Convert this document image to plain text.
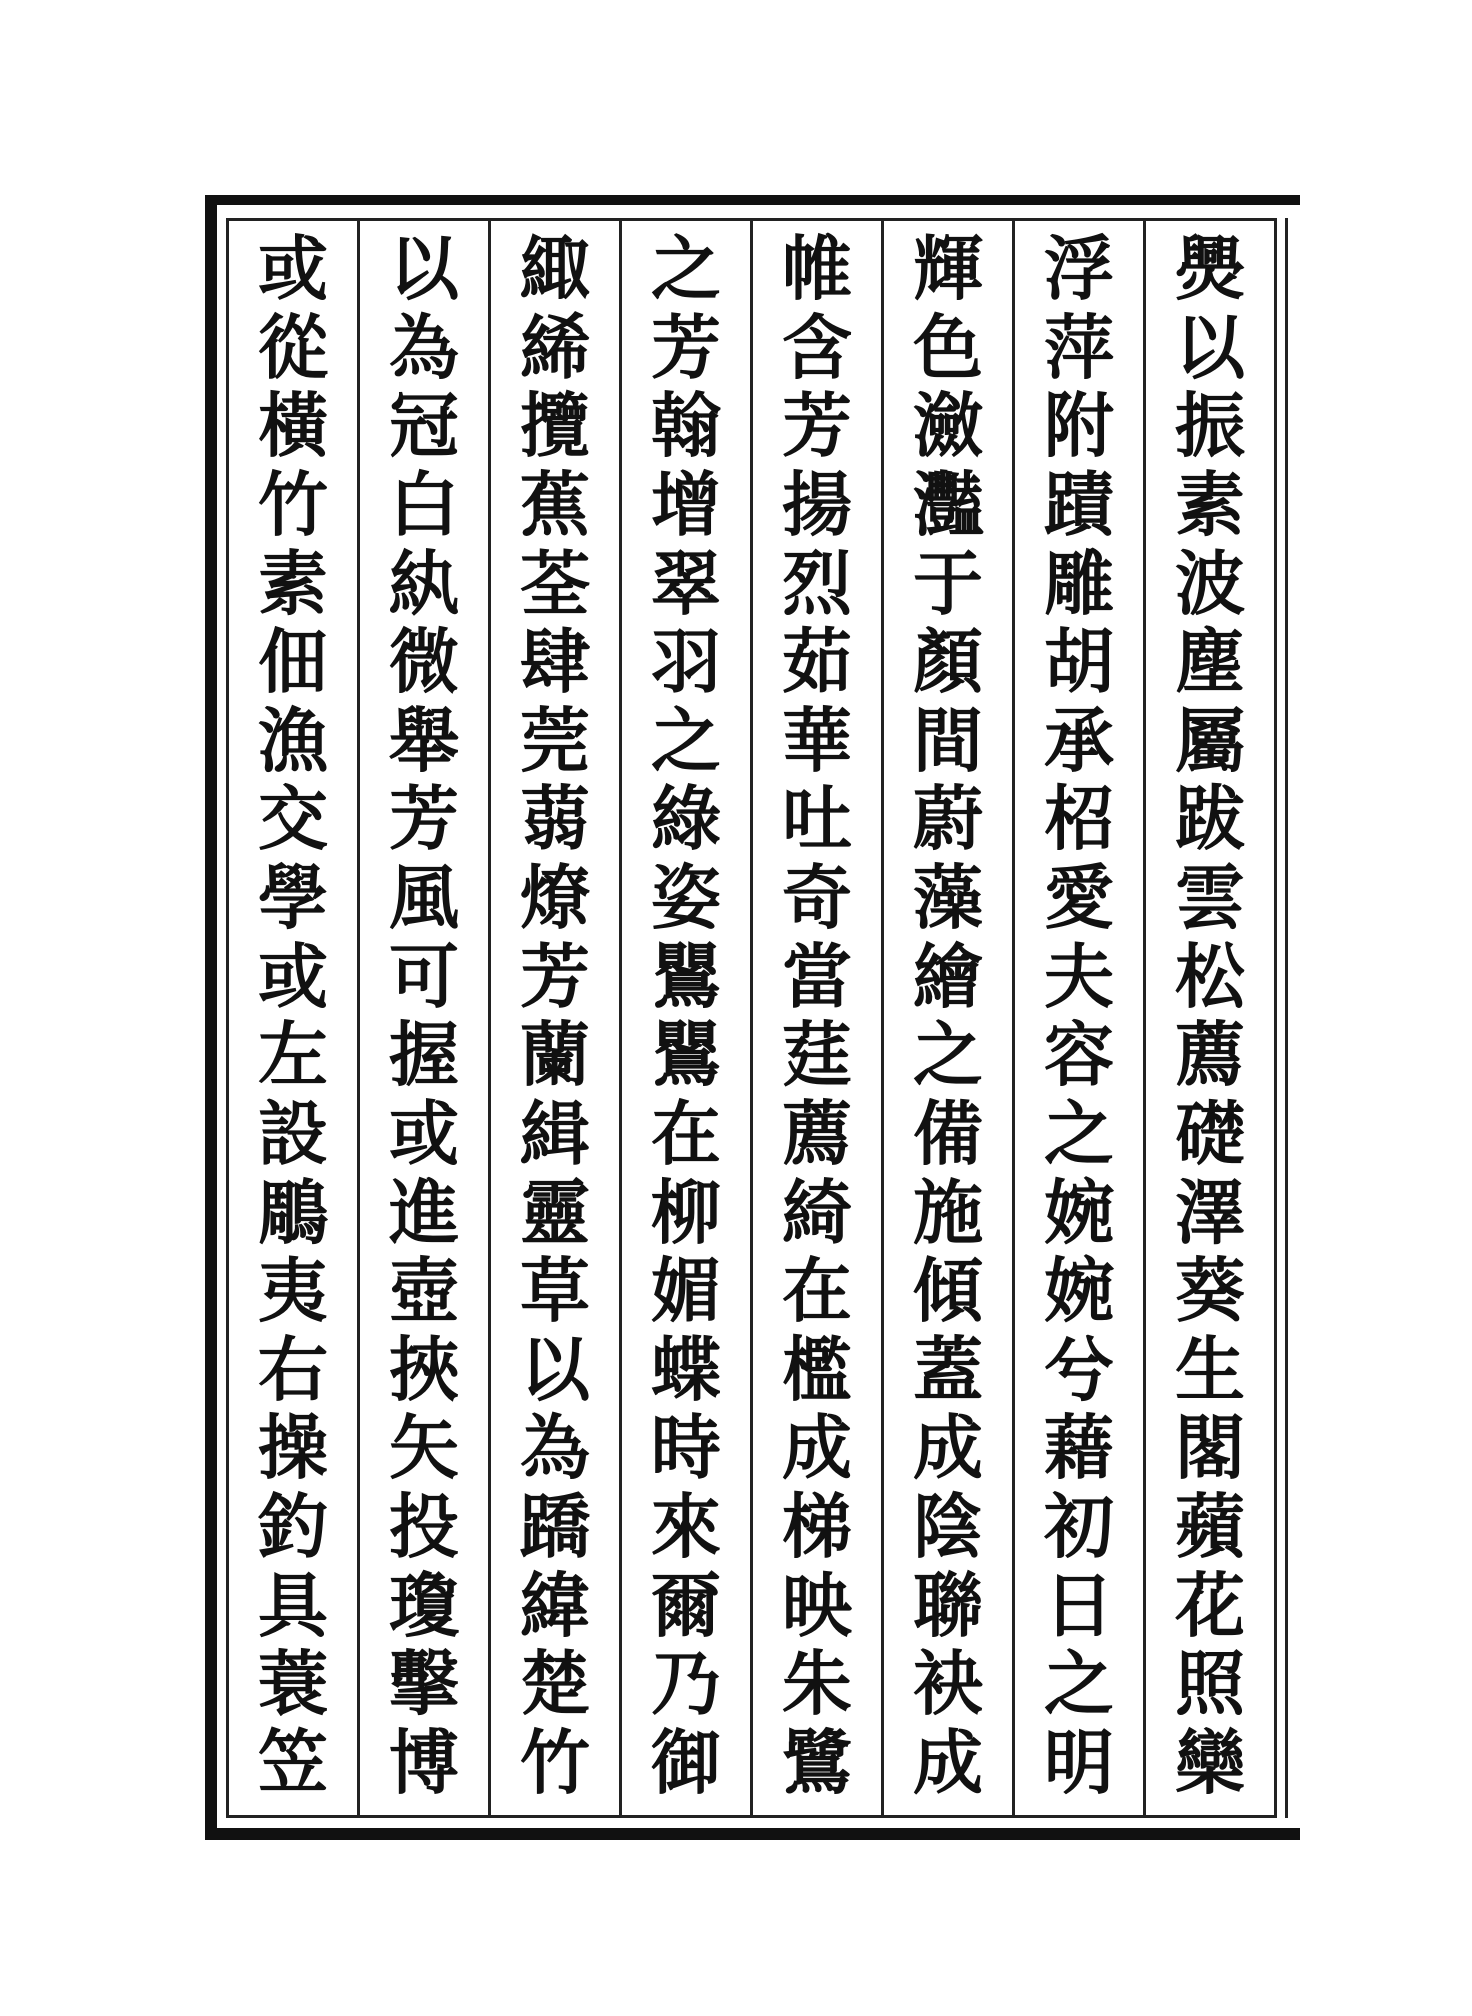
爂
以
振
素
波
塵
屬
跋
雲
松
薦
礎
澤
葵
生
閣
蘋
花
照
欒
浮
萍
附
蹟
雕
胡
承
柖
愛
夫
容
之
婉
婉
兮
藉
初
日
之
明
輝
色
瀲
灩
于
顏
間
蔚
藻
繪
之
備
施
傾
蓋
成
陰
聯
袂
成
帷
含
芳
揚
烈
茹
華
吐
奇
當
莛
薦
綺
在
檻
成
梯
映
朱
鷺
之
芳
翰
增
翠
羽
之
綠
姿
鸎
鸎
在
柳
媚
蝶
時
來
爾
乃
御
緅
絺
攬
蕉
荃
肆
莞
蒻
燎
芳
蘭
緝
靈
草
以
為
蹻
緯
楚
竹
以
為
冠
白
紈
微
舉
芳
風
可
握
或
進
壺
挾
矢
投
瓊
擊
博
或
從
橫
竹
素
佃
漁
交
學
或
左
設
鵰
夷
右
操
釣
具
蓑
笠
